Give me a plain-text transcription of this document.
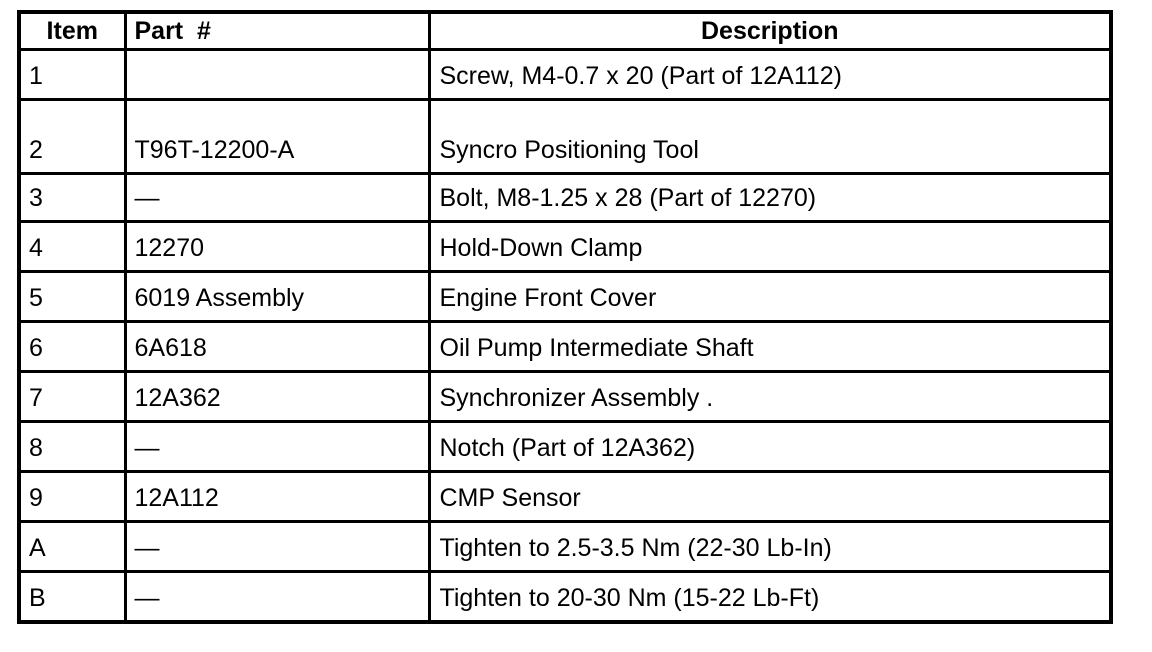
Item	Part  #	Description
1		Screw, M4-0.7 x 20 (Part of 12A112)
2	T96T-12200-A	Syncro Positioning Tool
3	—	Bolt, M8-1.25 x 28 (Part of 12270)
4	12270	Hold-Down Clamp
5	6019 Assembly	Engine Front Cover
6	6A618	Oil Pump Intermediate Shaft
7	12A362	Synchronizer Assembly .
8	—	Notch (Part of 12A362)
9	12A112	CMP Sensor
A	—	Tighten to 2.5-3.5 Nm (22-30 Lb-In)
B	—	Tighten to 20-30 Nm (15-22 Lb-Ft)
